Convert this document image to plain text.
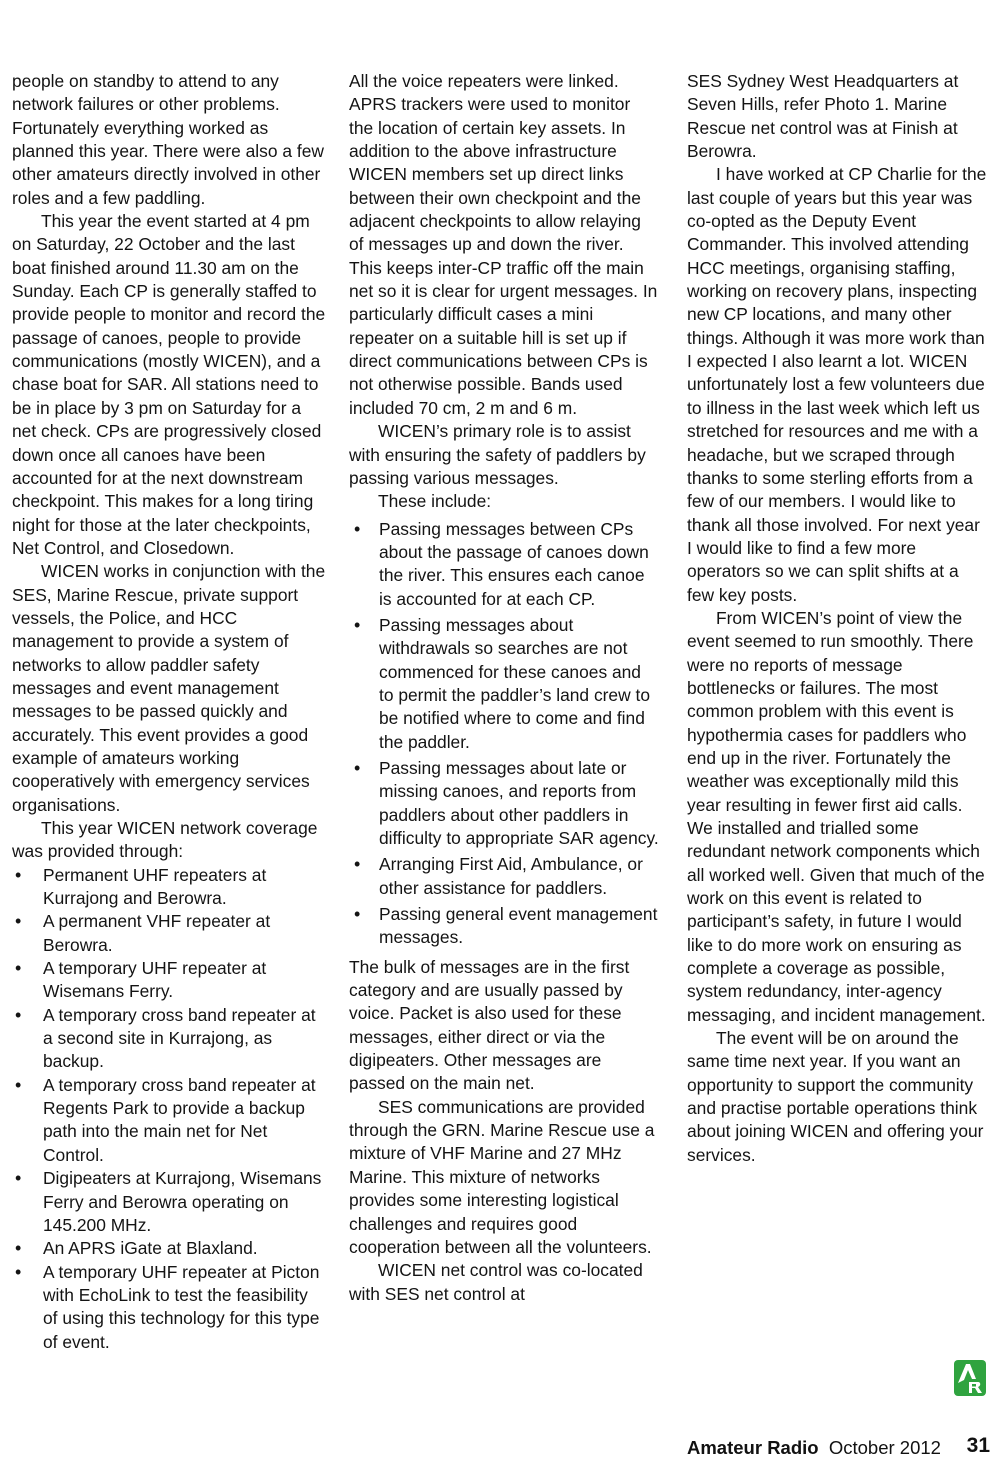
people on standby to attend to any network failures or other problems. Fortunately everything worked as planned this year. There were also a few other amateurs directly involved in other roles and a few paddling.

This year the event started at 4 pm on Saturday, 22 October and the last boat finished around 11.30 am on the Sunday. Each CP is generally staffed to provide people to monitor and record the passage of canoes, people to provide communications (mostly WICEN), and a chase boat for SAR. All stations need to be in place by 3 pm on Saturday for a net check. CPs are progressively closed down once all canoes have been accounted for at the next downstream checkpoint. This makes for a long tiring night for those at the later checkpoints, Net Control, and Closedown.

WICEN works in conjunction with the SES, Marine Rescue, private support vessels, the Police, and HCC management to provide a system of networks to allow paddler safety messages and event management messages to be passed quickly and accurately. This event provides a good example of amateurs working cooperatively with emergency services organisations.

This year WICEN network coverage was provided through:

• Permanent UHF repeaters at Kurrajong and Berowra.
• A permanent VHF repeater at Berowra.
• A temporary UHF repeater at Wisemans Ferry.
• A temporary cross band repeater at a second site in Kurrajong, as backup.
• A temporary cross band repeater at Regents Park to provide a backup path into the main net for Net Control.
• Digipeaters at Kurrajong, Wisemans Ferry and Berowra operating on 145.200 MHz.
• An APRS iGate at Blaxland.
• A temporary UHF repeater at Picton with EchoLink to test the feasibility of using this technology for this type of event.

All the voice repeaters were linked. APRS trackers were used to monitor the location of certain key assets. In addition to the above infrastructure WICEN members set up direct links between their own checkpoint and the adjacent checkpoints to allow relaying of messages up and down the river. This keeps inter-CP traffic off the main net so it is clear for urgent messages. In particularly difficult cases a mini repeater on a suitable hill is set up if direct communications between CPs is not otherwise possible. Bands used included 70 cm, 2 m and 6 m.

WICEN’s primary role is to assist with ensuring the safety of paddlers by passing various messages.

These include:

• Passing messages between CPs about the passage of canoes down the river. This ensures each canoe is accounted for at each CP.
• Passing messages about withdrawals so searches are not commenced for these canoes and to permit the paddler’s land crew to be notified where to come and find the paddler.
• Passing messages about late or missing canoes, and reports from paddlers about other paddlers in difficulty to appropriate SAR agency.
• Arranging First Aid, Ambulance, or other assistance for paddlers.
• Passing general event management messages.

The bulk of messages are in the first category and are usually passed by voice. Packet is also used for these messages, either direct or via the digipeaters. Other messages are passed on the main net.

SES communications are provided through the GRN. Marine Rescue use a mixture of VHF Marine and 27 MHz Marine. This mixture of networks provides some interesting logistical challenges and requires good cooperation between all the volunteers.

WICEN net control was co-located with SES net control at

SES Sydney West Headquarters at Seven Hills, refer Photo 1. Marine Rescue net control was at Finish at Berowra.

I have worked at CP Charlie for the last couple of years but this year was co-opted as the Deputy Event Commander. This involved attending HCC meetings, organising staffing, working on recovery plans, inspecting new CP locations, and many other things. Although it was more work than I expected I also learnt a lot. WICEN unfortunately lost a few volunteers due to illness in the last week which left us stretched for resources and me with a headache, but we scraped through thanks to some sterling efforts from a few of our members. I would like to thank all those involved. For next year I would like to find a few more operators so we can split shifts at a few key posts.

From WICEN’s point of view the event seemed to run smoothly. There were no reports of message bottlenecks or failures. The most common problem with this event is hypothermia cases for paddlers who end up in the river. Fortunately the weather was exceptionally mild this year resulting in fewer first aid calls. We installed and trialled some redundant network components which all worked well. Given that much of the work on this event is related to participant’s safety, in future I would like to do more work on ensuring as complete a coverage as possible, system redundancy, inter-agency messaging, and incident management.

The event will be on around the same time next year. If you want an opportunity to support the community and practise portable operations think about joining WICEN and offering your services.

Amateur Radio October 2012 31
